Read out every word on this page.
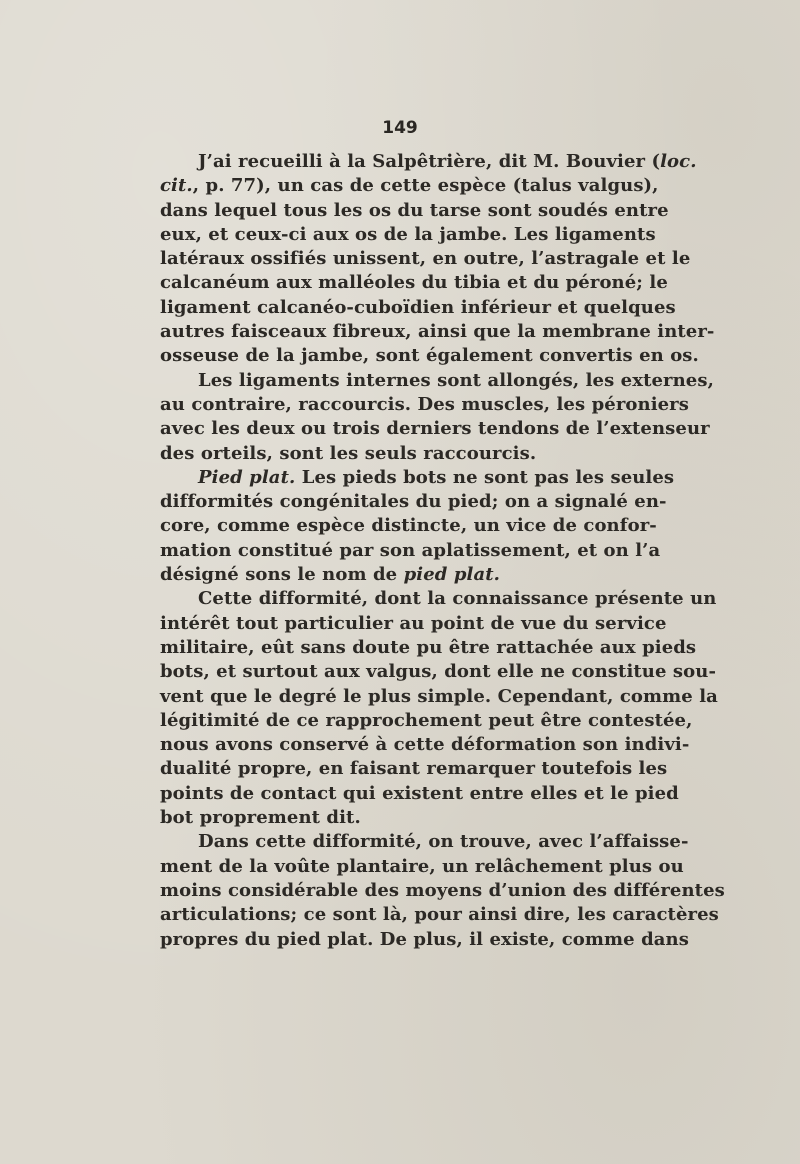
149
J’ai recueilli à la Salpêtrière, dit M. Bouvier (loc.
cit., p. 77), un cas de cette espèce (talus valgus),
dans lequel tous les os du tarse sont soudés entre
eux, et ceux-ci aux os de la jambe. Les ligaments
latéraux ossifiés unissent, en outre, l’astragale et le
calcanéum aux malléoles du tibia et du péroné; le
ligament calcanéo-cuboïdien inférieur et quelques
autres faisceaux fibreux, ainsi que la membrane inter-
osseuse de la jambe, sont également convertis en os.
Les ligaments internes sont allongés, les externes,
au contraire, raccourcis. Des muscles, les péroniers
avec les deux ou trois derniers tendons de l’extenseur
des orteils, sont les seuls raccourcis.
Pied plat. Les pieds bots ne sont pas les seules
difformités congénitales du pied; on a signalé en-
core, comme espèce distincte, un vice de confor-
mation constitué par son aplatissement, et on l’a
désigné sons le nom de pied plat.
Cette difformité, dont la connaissance présente un
intérêt tout particulier au point de vue du service
militaire, eût sans doute pu être rattachée aux pieds
bots, et surtout aux valgus, dont elle ne constitue sou-
vent que le degré le plus simple. Cependant, comme la
légitimité de ce rapprochement peut être contestée,
nous avons conservé à cette déformation son indivi-
dualité propre, en faisant remarquer toutefois les
points de contact qui existent entre elles et le pied
bot proprement dit.
Dans cette difformité, on trouve, avec l’affaisse-
ment de la voûte plantaire, un relâchement plus ou
moins considérable des moyens d’union des différentes
articulations; ce sont là, pour ainsi dire, les caractères
propres du pied plat. De plus, il existe, comme dans
